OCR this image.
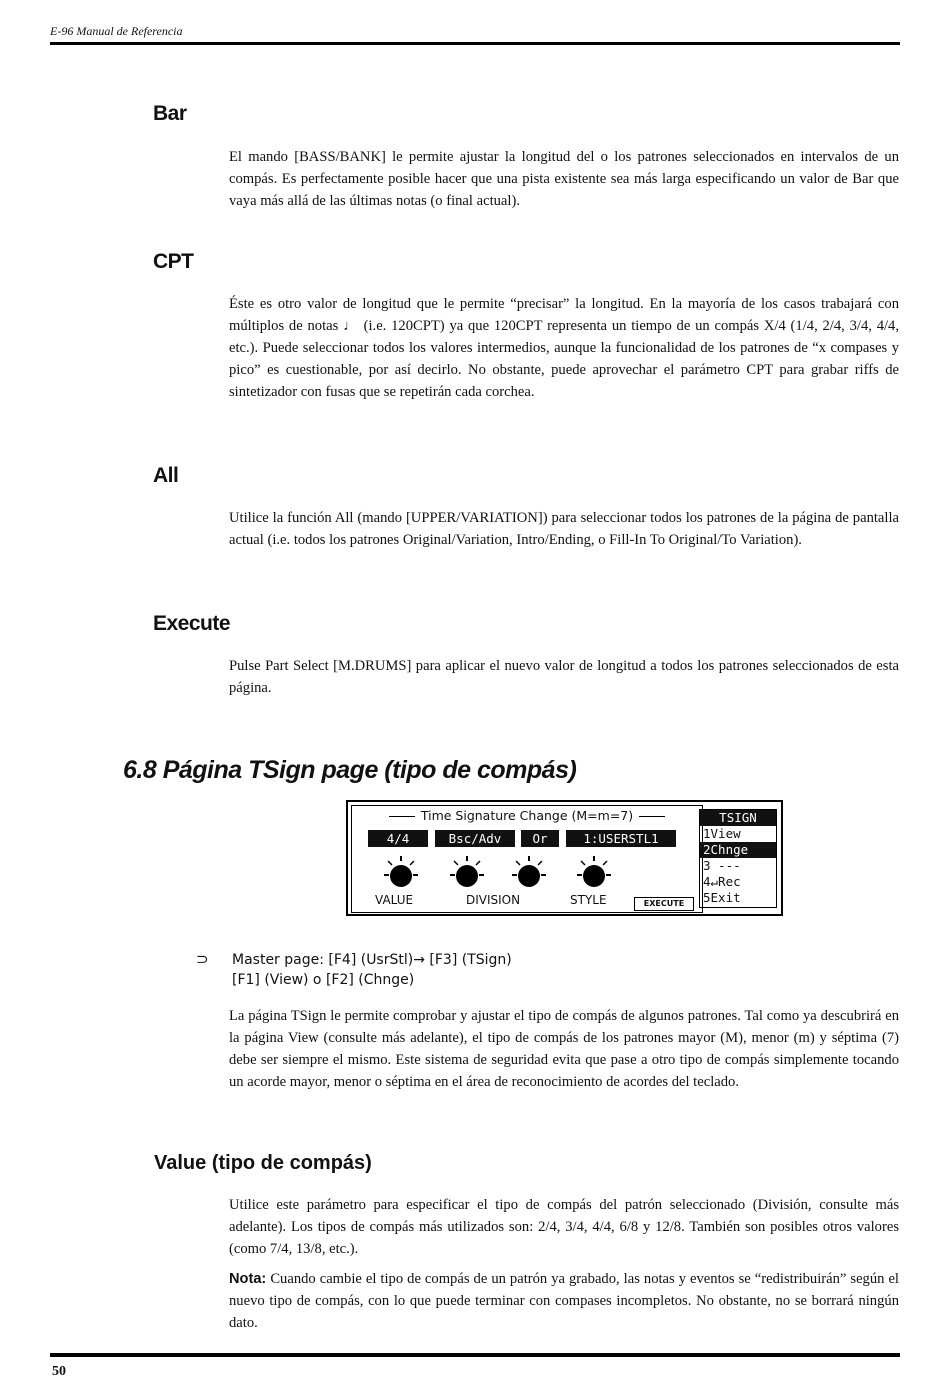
E-96 Manual de Referencia
Bar
El mando [BASS/BANK] le permite ajustar la longitud del o los patrones seleccionados en intervalos de un compás. Es perfectamente posible hacer que una pista existente sea más larga especificando un valor de Bar que vaya más allá de las últimas notas (o final actual).
CPT
Éste es otro valor de longitud que le permite “precisar” la longitud. En la mayoría de los casos trabajará con múltiplos de notas ♩ (i.e. 120CPT) ya que 120CPT representa un tiempo de un compás X/4 (1/4, 2/4, 3/4, 4/4, etc.). Puede seleccionar todos los valores intermedios, aunque la funcionalidad de los patrones de “x compases y pico” es cuestionable, por así decirlo. No obstante, puede aprovechar el parámetro CPT para grabar riffs de sintetizador con fusas que se repetirán cada corchea.
All
Utilice la función All (mando [UPPER/VARIATION]) para seleccionar todos los patrones de la página de pantalla actual (i.e. todos los patrones Original/Variation, Intro/Ending, o Fill-In To Original/To Variation).
Execute
Pulse Part Select [M.DRUMS] para aplicar el nuevo valor de longitud a todos los patrones seleccionados de esta página.
6.8 Página TSign page (tipo de compás)
Time Signature Change (M=m=7)
4/4	Bsc/Adv	Or	1:USERSTL1
VALUE	DIVISION	STYLE	EXECUTE
TSIGN
1View
2Chnge
3 ---
4↵Rec
5Exit
⊃ Master page: [F4] (UsrStl)→ [F3] (TSign)
[F1] (View) o [F2] (Chnge)
La página TSign le permite comprobar y ajustar el tipo de compás de algunos patrones. Tal como ya descubrirá en la página View (consulte más adelante), el tipo de compás de los patrones mayor (M), menor (m) y séptima (7) debe ser siempre el mismo. Este sistema de seguridad evita que pase a otro tipo de compás simplemente tocando un acorde mayor, menor o séptima en el área de reconocimiento de acordes del teclado.
Value (tipo de compás)
Utilice este parámetro para especificar el tipo de compás del patrón seleccionado (División, consulte más adelante). Los tipos de compás más utilizados son: 2/4, 3/4, 4/4, 6/8 y 12/8. También son posibles otros valores (como 7/4, 13/8, etc.).
Nota: Cuando cambie el tipo de compás de un patrón ya grabado, las notas y eventos se “redistribuirán” según el nuevo tipo de compás, con lo que puede terminar con compases incompletos. No obstante, no se borrará ningún dato.
50
